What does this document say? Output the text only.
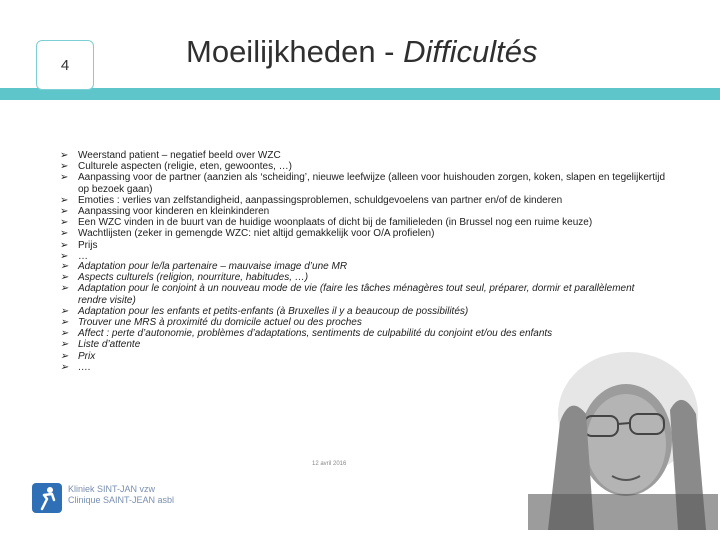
4	Moeilijkheden - Difficultés
➢ Weerstand patient – negatief beeld over WZC
➢ Culturele aspecten (religie, eten, gewoontes, …)
➢ Aanpassing voor de partner (aanzien als ‘scheiding’, nieuwe leefwijze (alleen voor huishouden zorgen, koken, slapen en tegelijkertijd op bezoek gaan)
➢ Emoties : verlies van zelfstandigheid, aanpassingsproblemen, schuldgevoelens van partner en/of de kinderen
➢ Aanpassing voor kinderen en kleinkinderen
➢ Een WZC vinden in de buurt van de huidige woonplaats of dicht bij de familieleden (in Brussel nog een ruime keuze)
➢ Wachtlijsten (zeker in gemengde WZC: niet altijd gemakkelijk voor O/A profielen)
➢ Prijs
➢ …
➢ Adaptation pour le/la partenaire – mauvaise image d’une MR
➢ Aspects culturels (religion, nourriture, habitudes, …)
➢ Adaptation pour le conjoint à un nouveau mode de vie (faire les tâches ménagères tout seul, préparer, dormir et parallèlement rendre visite)
➢ Adaptation pour les enfants et petits-enfants (à Bruxelles il y a beaucoup de possibilités)
➢ Trouver une MRS à proximité du domicile actuel ou des proches
➢ Affect : perte d’autonomie, problèmes d’adaptations, sentiments de culpabilité du conjoint et/ou des enfants
➢ Liste d’attente
➢ Prix
➢ ….
12 avril 2016
Kliniek SINT-JAN vzw
Clinique SAINT-JEAN asbl
